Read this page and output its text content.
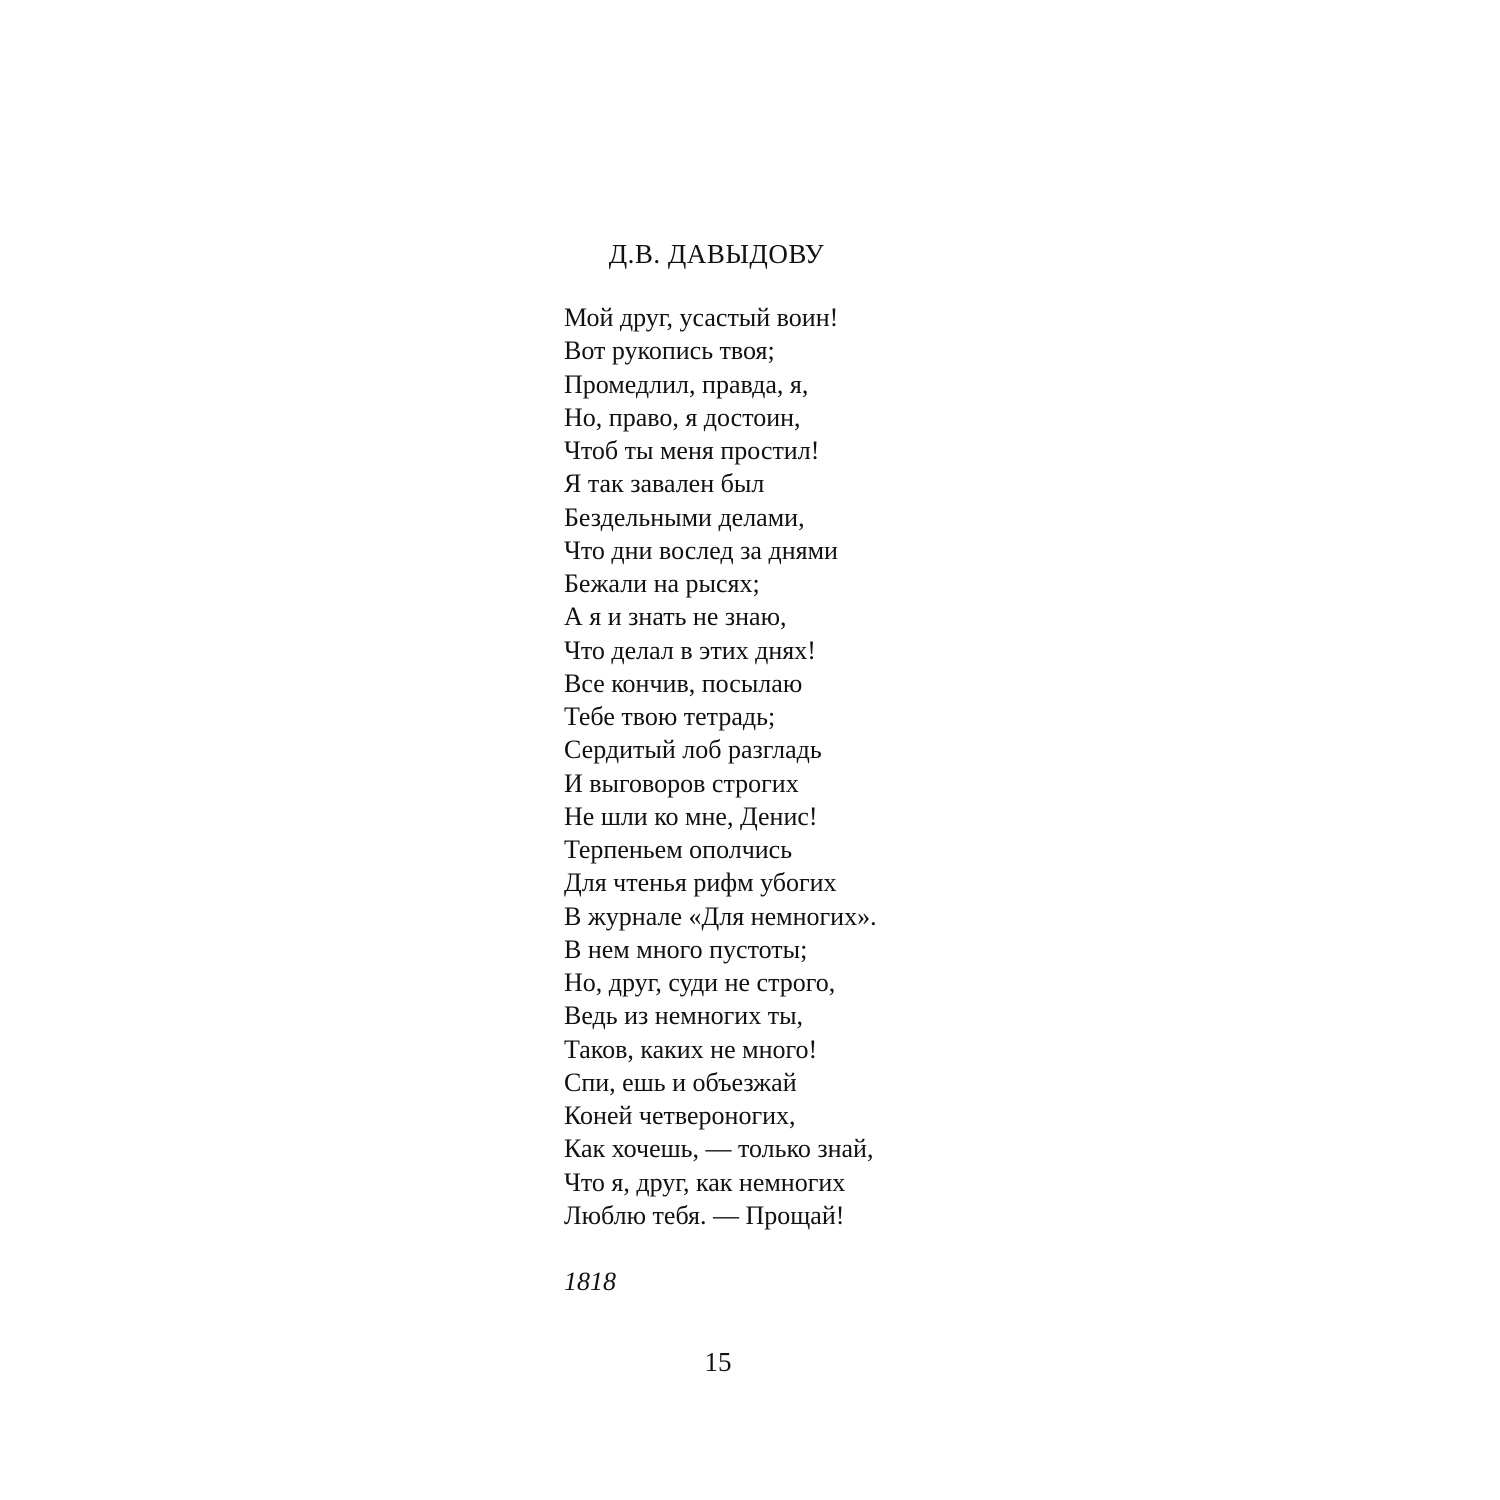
Д.В. ДАВЫДОВУ
Мой друг, усастый воин!
Вот рукопись твоя;
Промедлил, правда, я,
Но, право, я достоин,
Чтоб ты меня простил!
Я так завален был
Бездельными делами,
Что дни вослед за днями
Бежали на рысях;
А я и знать не знаю,
Что делал в этих днях!
Все кончив, посылаю
Тебе твою тетрадь;
Сердитый лоб разгладь
И выговоров строгих
Не шли ко мне, Денис!
Терпеньем ополчись
Для чтенья рифм убогих
В журнале «Для немногих».
В нем много пустоты;
Но, друг, суди не строго,
Ведь из немногих ты,
Таков, каких не много!
Спи, ешь и объезжай
Коней четвероногих,
Как хочешь, — только знай,
Что я, друг, как немногих
Люблю тебя. — Прощай!
1818
15
